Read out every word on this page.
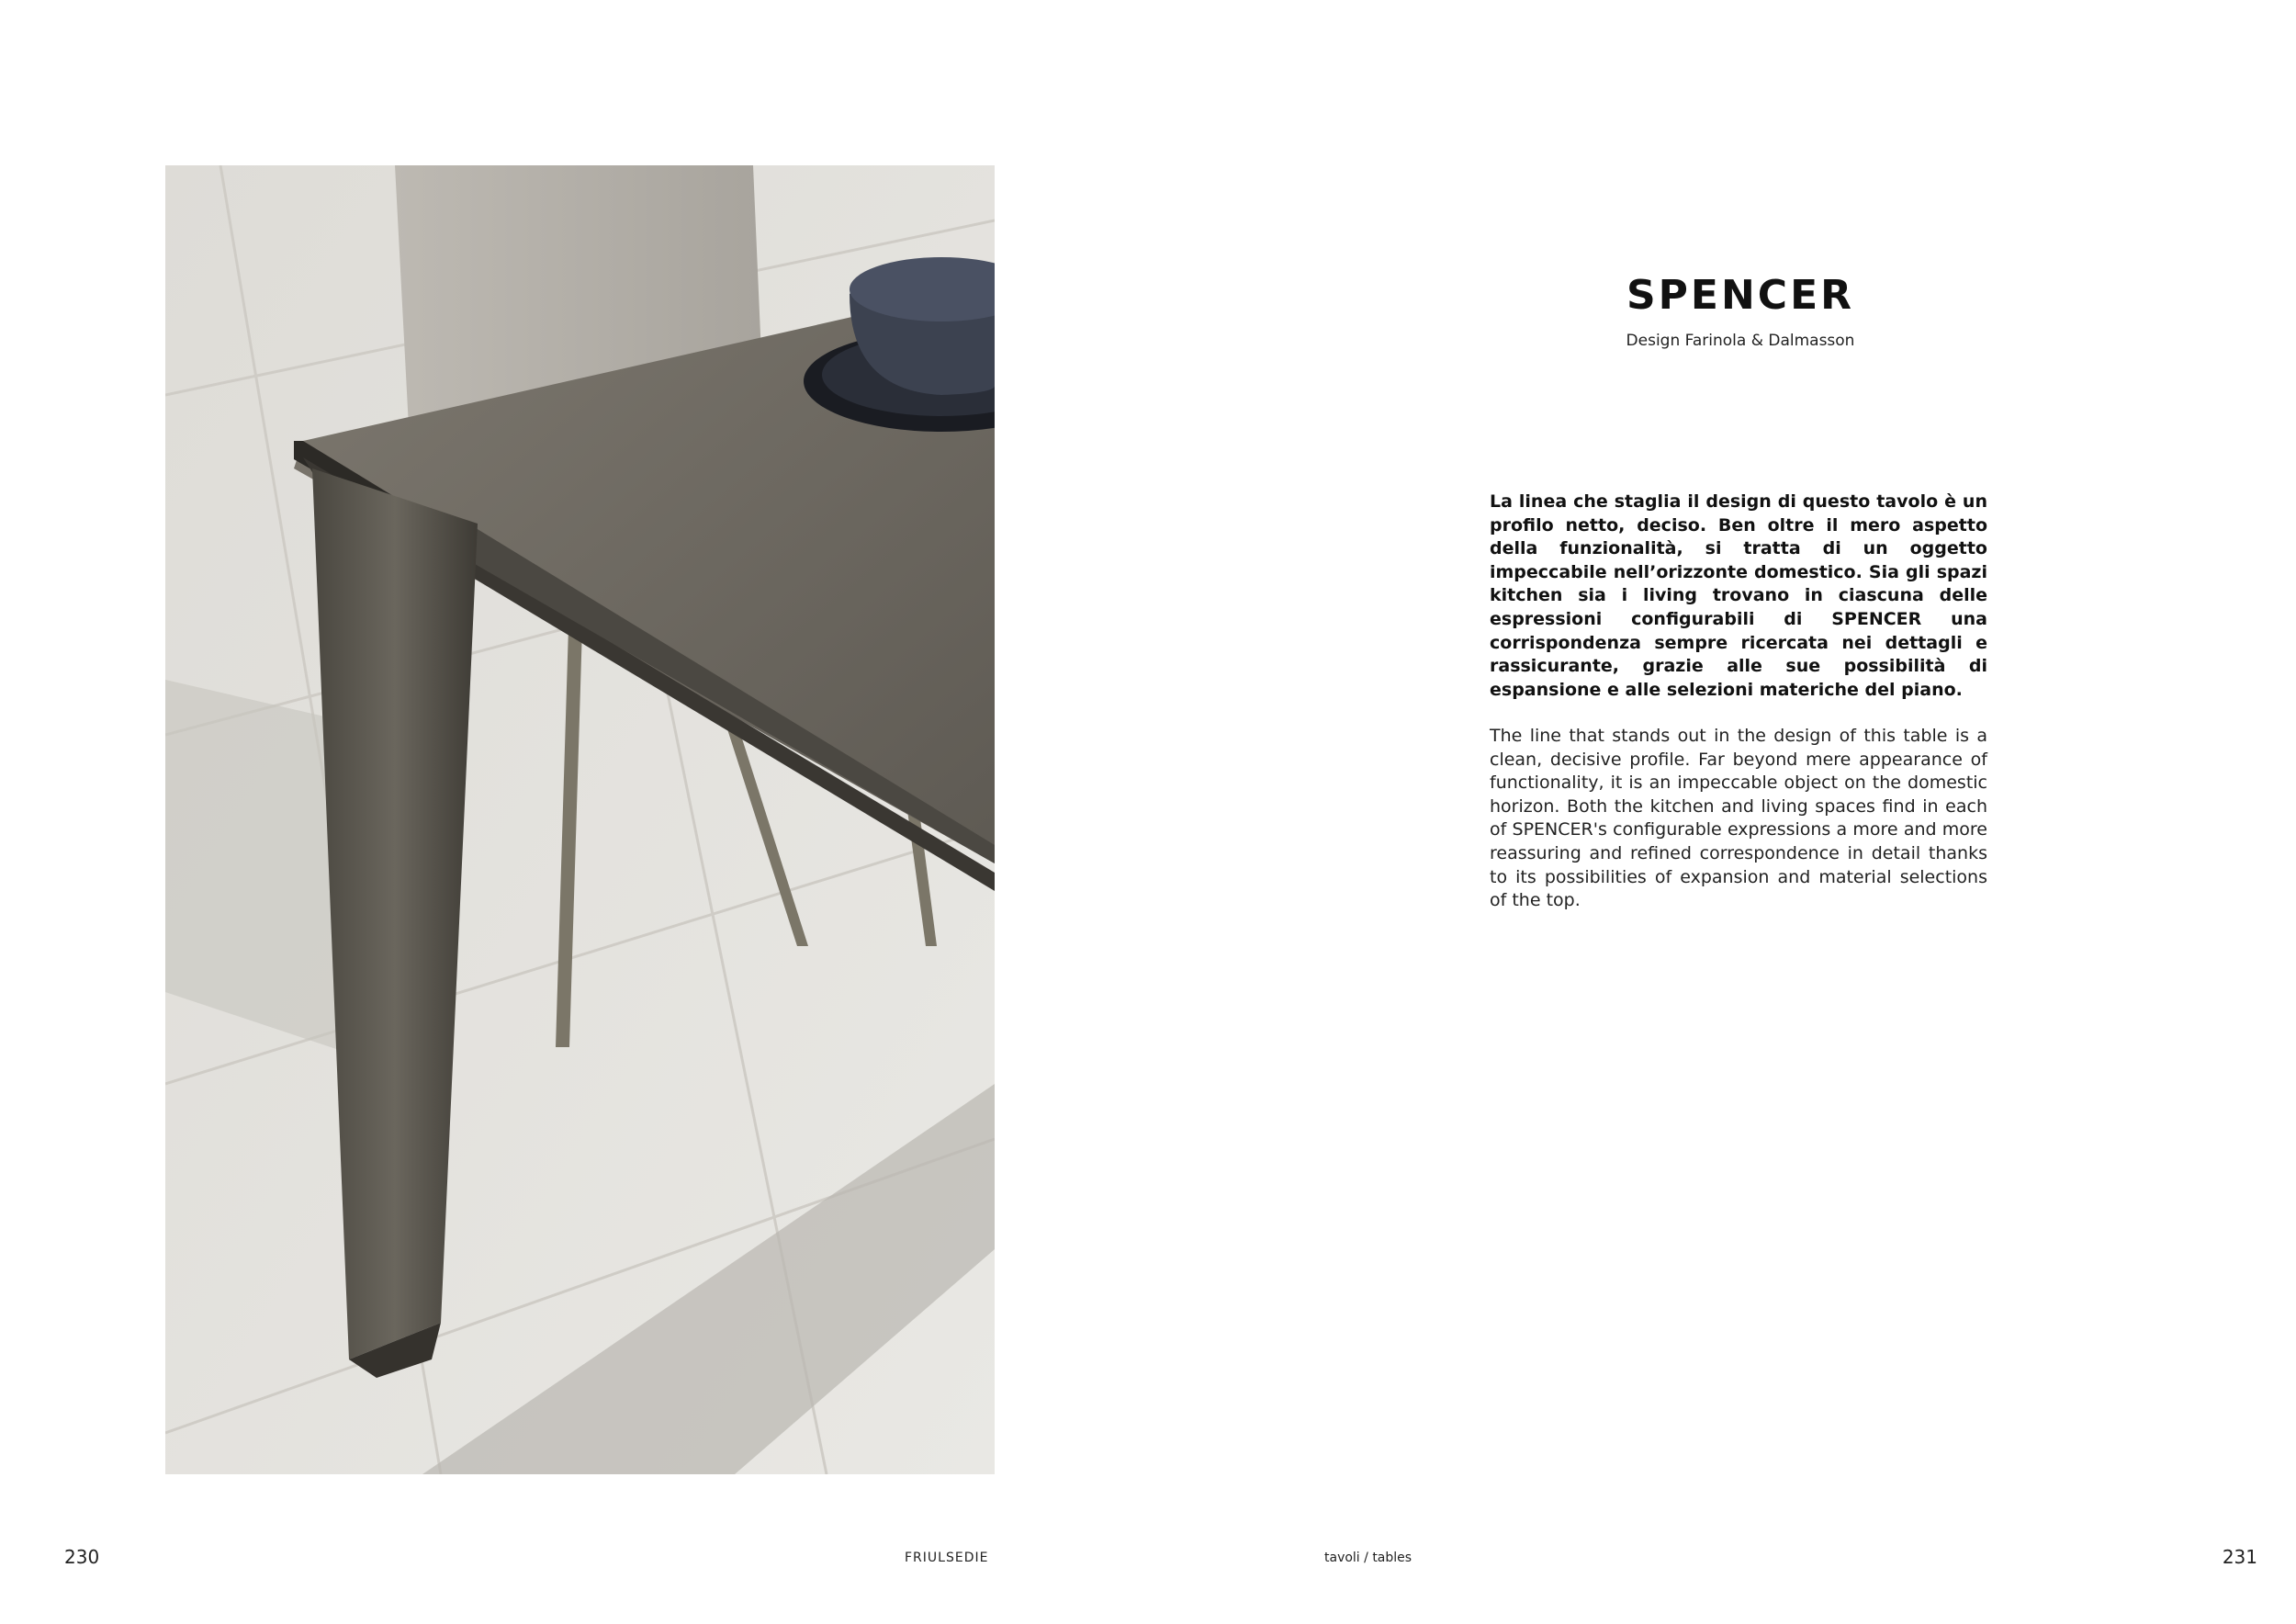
230	FRIULSEDIE
SPENCER
Design Farinola & Dalmasson

La linea che staglia il design di questo tavolo è un profilo netto, deciso. Ben oltre il mero aspetto della funzionalità, si tratta di un oggetto impeccabile nell’orizzonte domestico. Sia gli spazi kitchen sia i living trovano in ciascuna delle espressioni configurabili di SPENCER una corrispondenza sempre ricercata nei dettagli e rassicurante, grazie alle sue possibilità di espansione e alle selezioni materiche del piano.

The line that stands out in the design of this table is a clean, decisive profile. Far beyond mere appearance of functionality, it is an impeccable object on the domestic horizon. Both the kitchen and living spaces find in each of SPENCER's configurable expressions a more and more reassuring and refined correspondence in detail thanks to its possibilities of expansion and material selections of the top.

tavoli / tables	231
